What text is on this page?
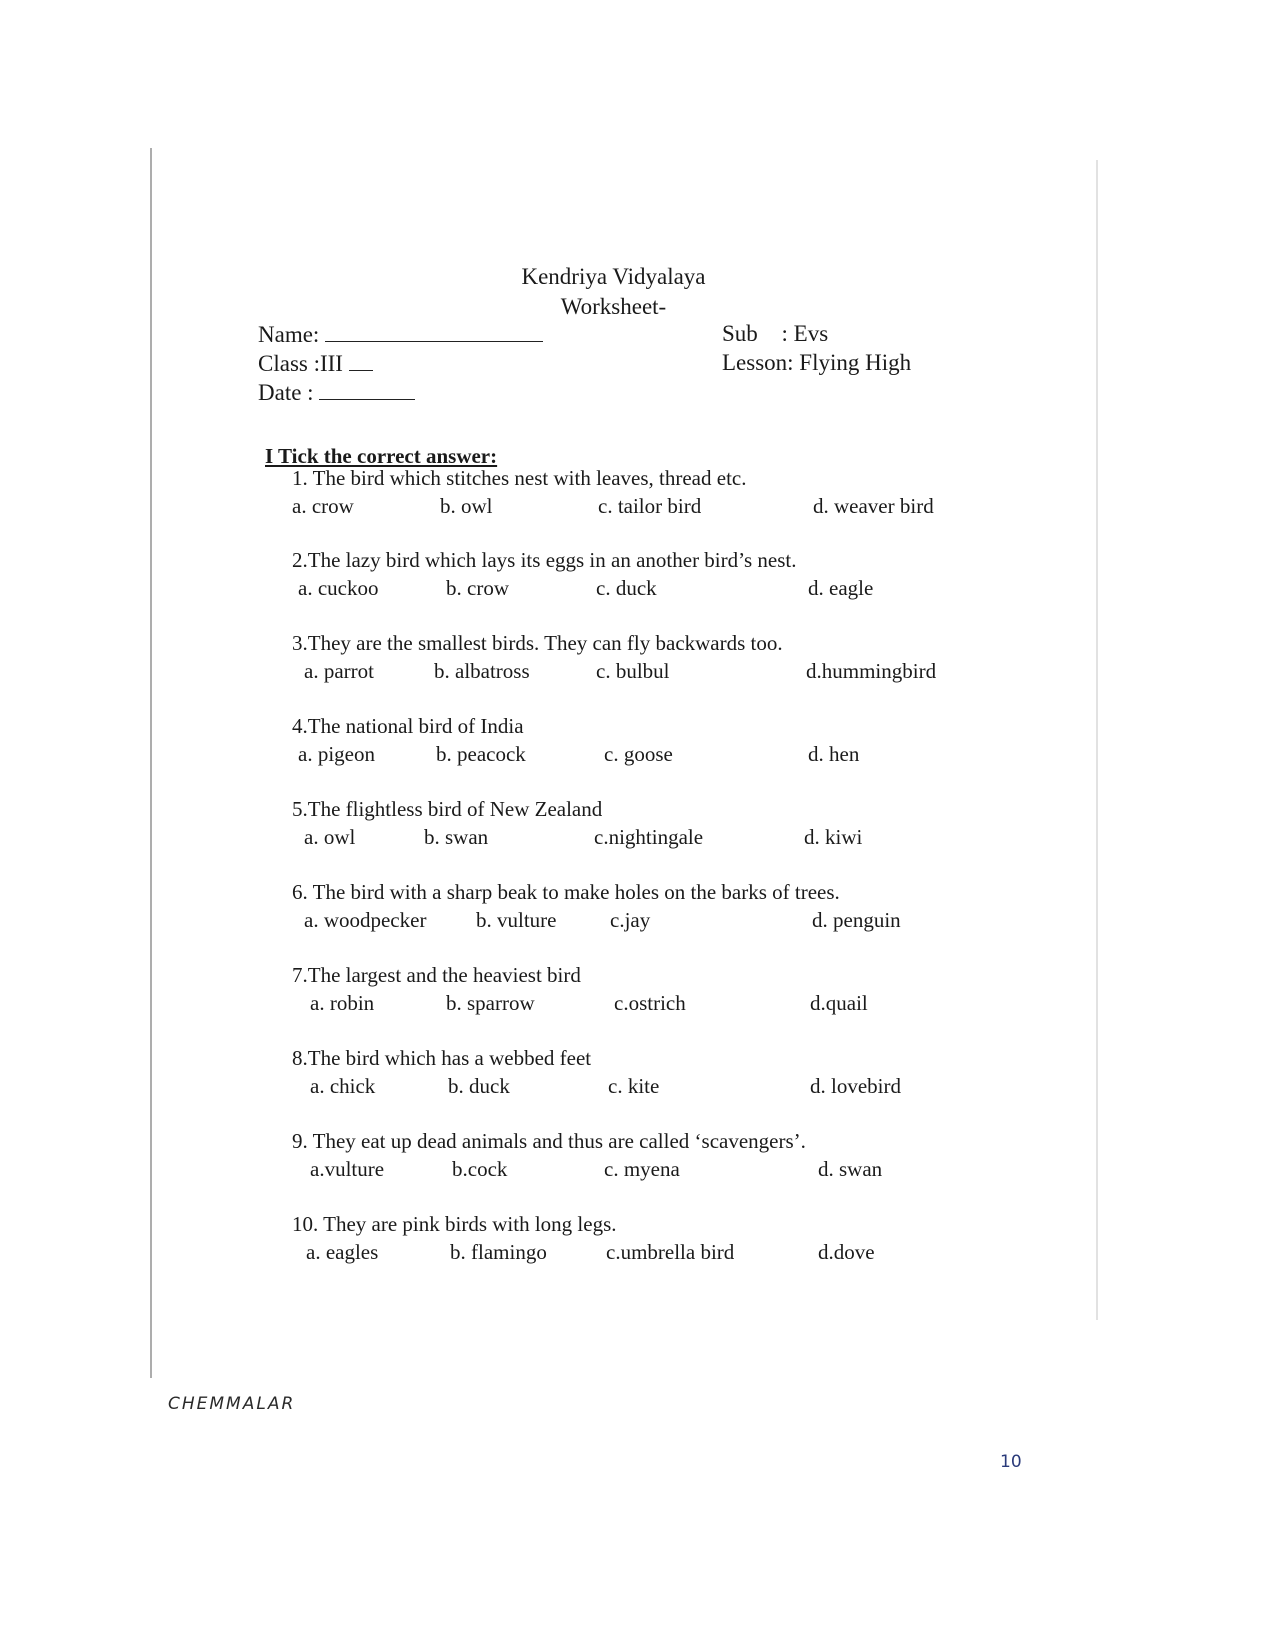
Kendriya Vidyalaya
Worksheet-
Name:
Class :III
Date :
Sub : Evs
Lesson: Flying High
I Tick the correct answer:
1. The bird which stitches nest with leaves, thread etc.
a. crow	b. owl	c. tailor bird	d. weaver bird
2.The lazy bird which lays its eggs in an another bird’s nest.
a. cuckoo	b. crow	c. duck	d. eagle
3.They are the smallest birds. They can fly backwards too.
a. parrot	b. albatross	c. bulbul	d.hummingbird
4.The national bird of India
a. pigeon	b. peacock	c. goose	d. hen
5.The flightless bird of New Zealand
a. owl	b. swan	c.nightingale	d. kiwi
6. The bird with a sharp beak to make holes on the barks of trees.
a. woodpecker b. vulture	c.jay	d. penguin
7.The largest and the heaviest bird
a. robin	b. sparrow	c.ostrich	d.quail
8.The bird which has a webbed feet
a. chick	b. duck	c. kite	d. lovebird
9. They eat up dead animals and thus are called ‘scavengers’.
a.vulture	b.cock	c. myena	d. swan
10. They are pink birds with long legs.
a. eagles	b. flamingo	c.umbrella bird	d.dove
CHEMMALAR
10
